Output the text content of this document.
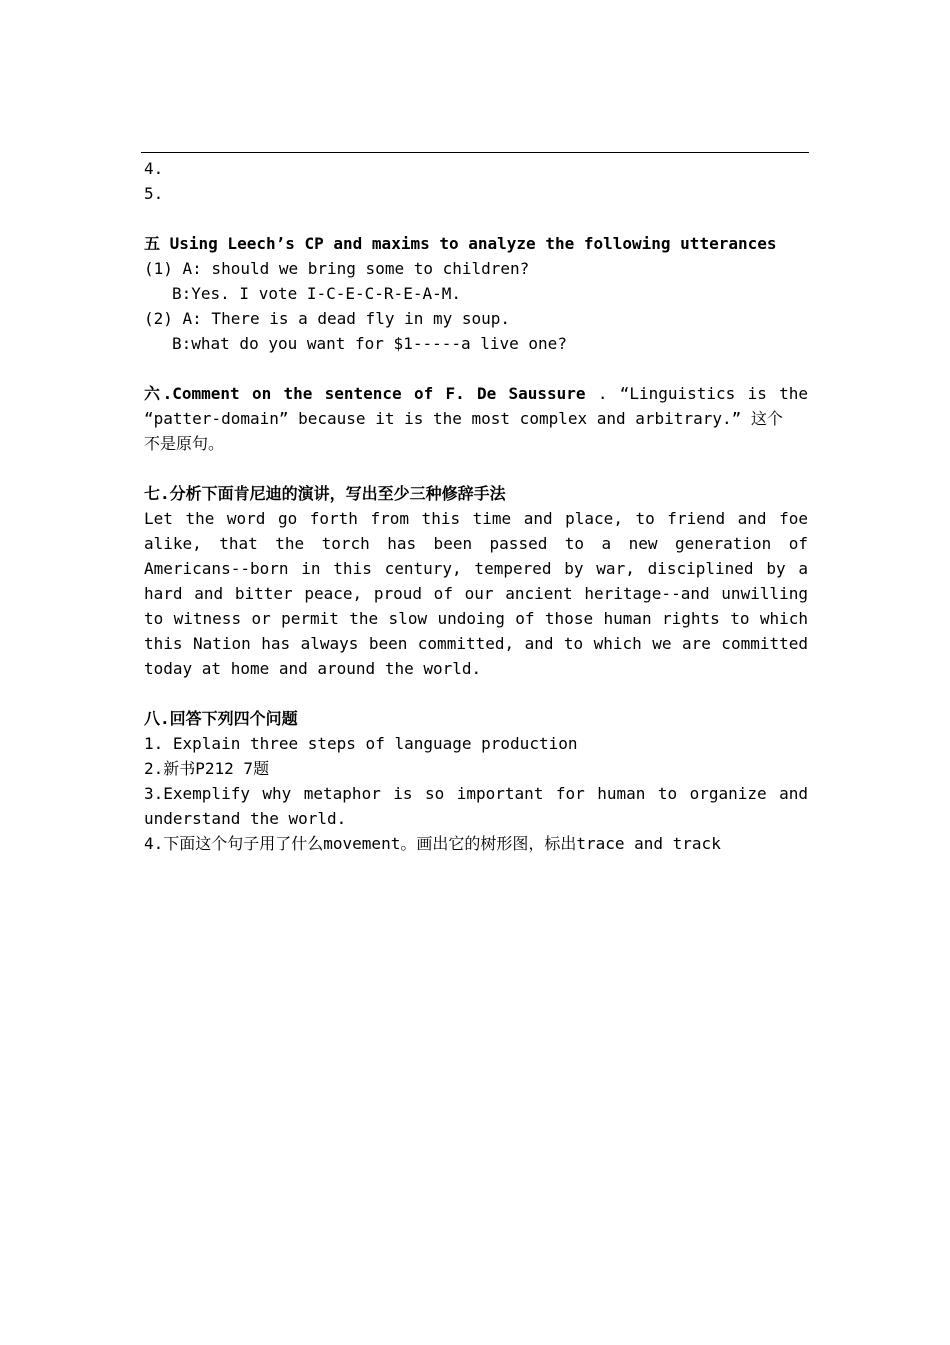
4.
5.
五 Using Leech’s CP and maxims to analyze the following utterances
(1) A: should we bring some to children?
B:Yes. I vote I-C-E-C-R-E-A-M.
(2) A: There is a dead fly in my soup.
B:what do you want for $1-----a live one?
六.Comment on the sentence of F. De Saussure . “Linguistics is the
“patter-domain” because it is the most complex and arbitrary.” 这个
不是原句。
七.分析下面肯尼迪的演讲，写出至少三种修辞手法
Let the word go forth from this time and place, to friend and foe alike, that the torch has been passed to a new generation of Americans--born in this century, tempered by war, disciplined by a hard and bitter peace, proud of our ancient heritage--and unwilling to witness or permit the slow undoing of those human rights to which this Nation has always been committed, and to which we are committed today at home and around the world.
八.回答下列四个问题
1. Explain three steps of language production
2.新书P212 7题
3.Exemplify why metaphor is so important for human to organize and understand the world.
4.下面这个句子用了什么movement。画出它的树形图，标出trace and track
